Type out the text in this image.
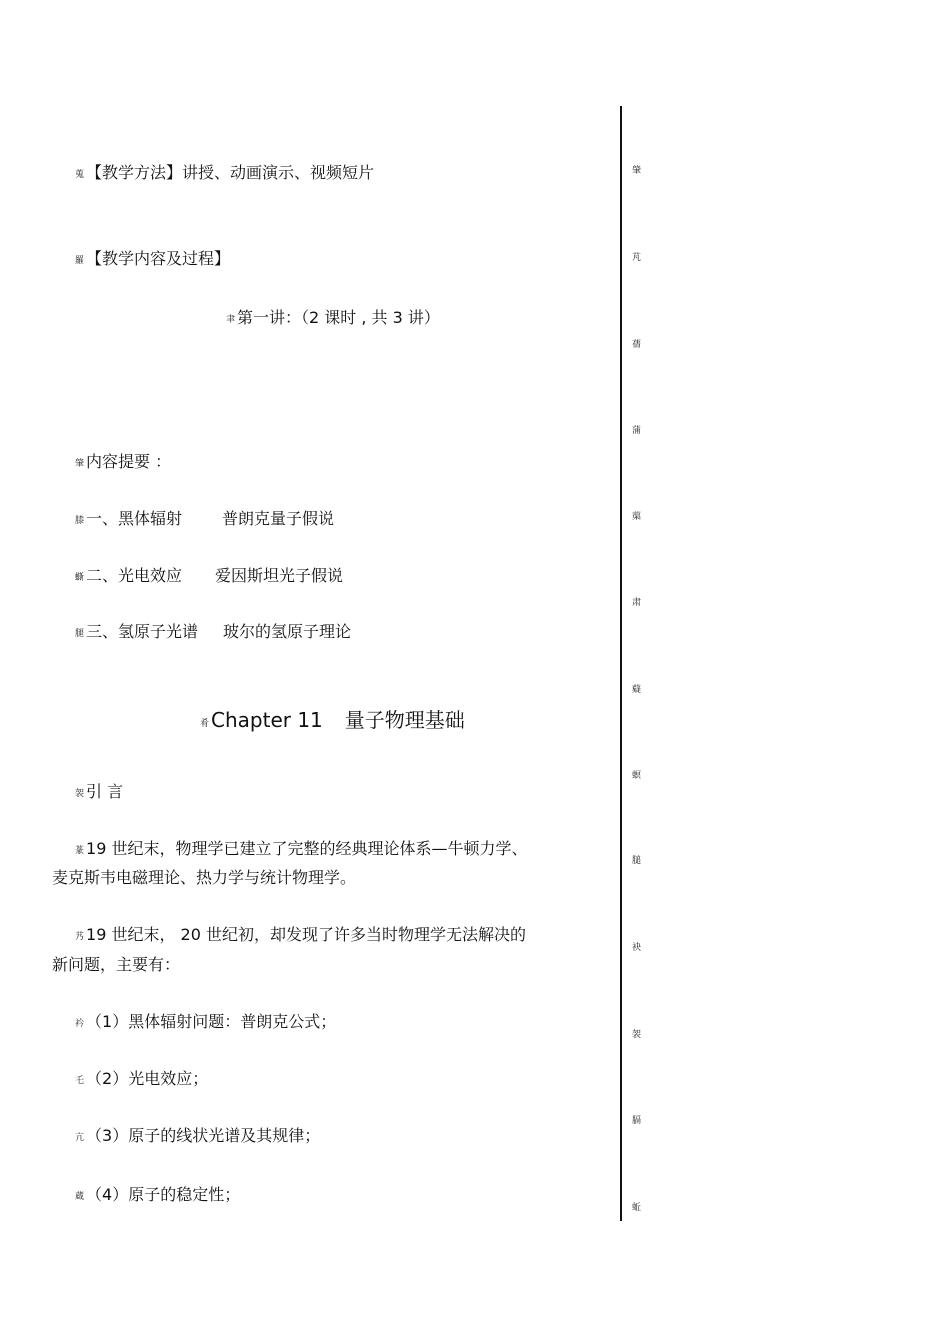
蒐 【教学方法】讲授、动画演示、视频短片
羅 【教学内容及过程】
聿 第一讲：（2 课时 , 共 3 讲）
肇 内容提要 ：
膝 一、黑体辐射	普朗克量子假说
蟖 二、光电效应 爱因斯坦光子假说
腿 三、氢原子光谱 玻尔的氢原子理论
肴 Chapter 11 量子物理基础
袈 引 言
蒃 19 世纪末，物理学已建立了完整的经典理论体系—牛顿力学、
麦克斯韦电磁理论、热力学与统计物理学。
艿 19 世纪末， 20 世纪初，却发现了许多当时物理学无法解决的
新问题，主要有：
衿 （1）黑体辐射问题：普朗克公式；
乇 （2）光电效应；
亢 （3）原子的线状光谱及其规律；
蔵 （4）原子的稳定性；
肇
芃
蒨
蒲
蕖
肃
薿
螟
膇
袂
袈
膈
蚯
